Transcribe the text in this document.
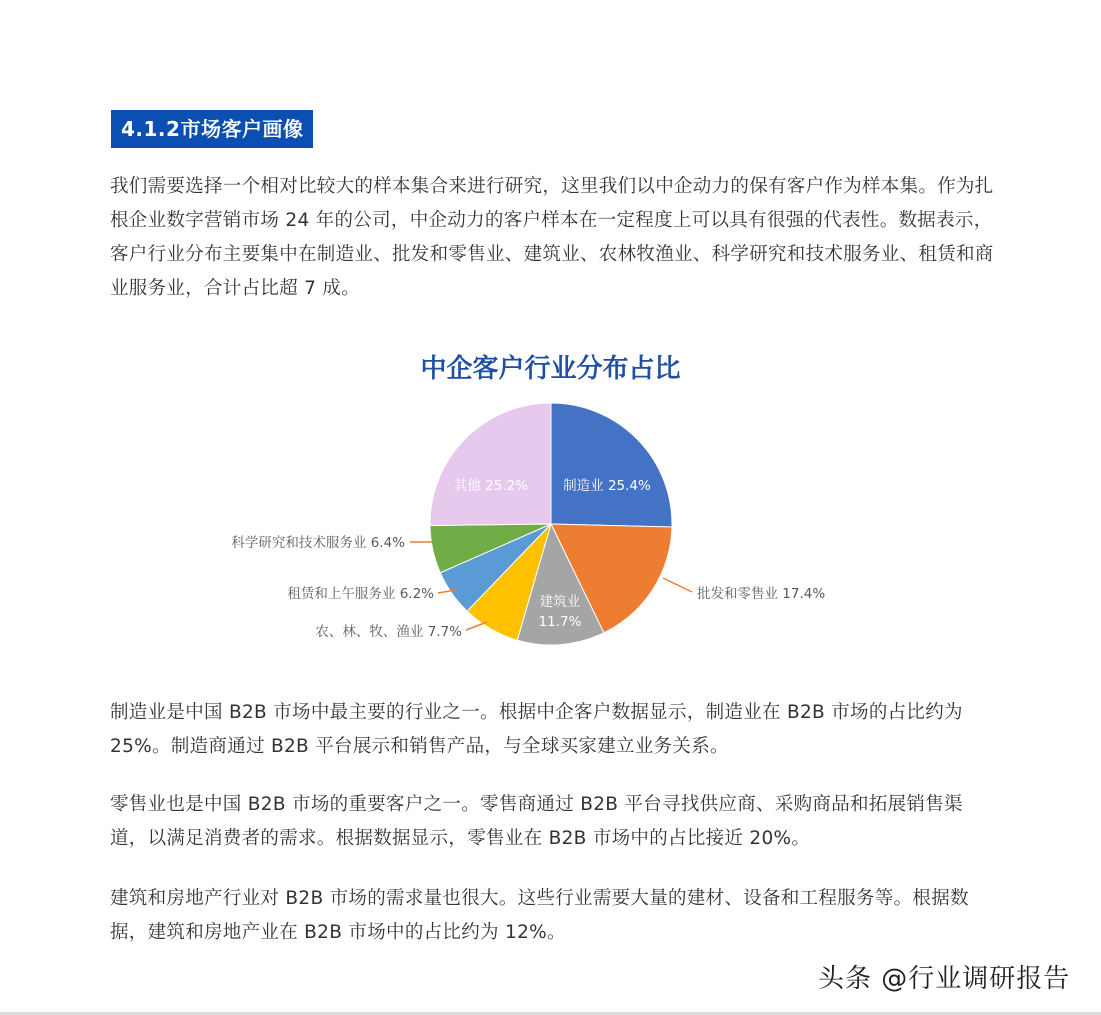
4.1.2市场客户画像

我们需要选择一个相对比较大的样本集合来进行研究，这里我们以中企动力的保有客户作为样本集。作为扎根企业数字营销市场 24 年的公司，中企动力的客户样本在一定程度上可以具有很强的代表性。数据表示，客户行业分布主要集中在制造业、批发和零售业、建筑业、农林牧渔业、科学研究和技术服务业、租赁和商业服务业，合计占比超 7 成。

中企客户行业分布占比
制造业 25.4%
其他 25.2%
建筑业
11.7%
批发和零售业 17.4%
科学研究和技术服务业 6.4%
租赁和上午服务业 6.2%
农、林、牧、渔业 7.7%

制造业是中国 B2B 市场中最主要的行业之一。根据中企客户数据显示，制造业在 B2B 市场的占比约为 25%。制造商通过 B2B 平台展示和销售产品，与全球买家建立业务关系。

零售业也是中国 B2B 市场的重要客户之一。零售商通过 B2B 平台寻找供应商、采购商品和拓展销售渠道，以满足消费者的需求。根据数据显示，零售业在 B2B 市场中的占比接近 20%。

建筑和房地产行业对 B2B 市场的需求量也很大。这些行业需要大量的建材、设备和工程服务等。根据数据，建筑和房地产业在 B2B 市场中的占比约为 12%。

头条 @行业调研报告
